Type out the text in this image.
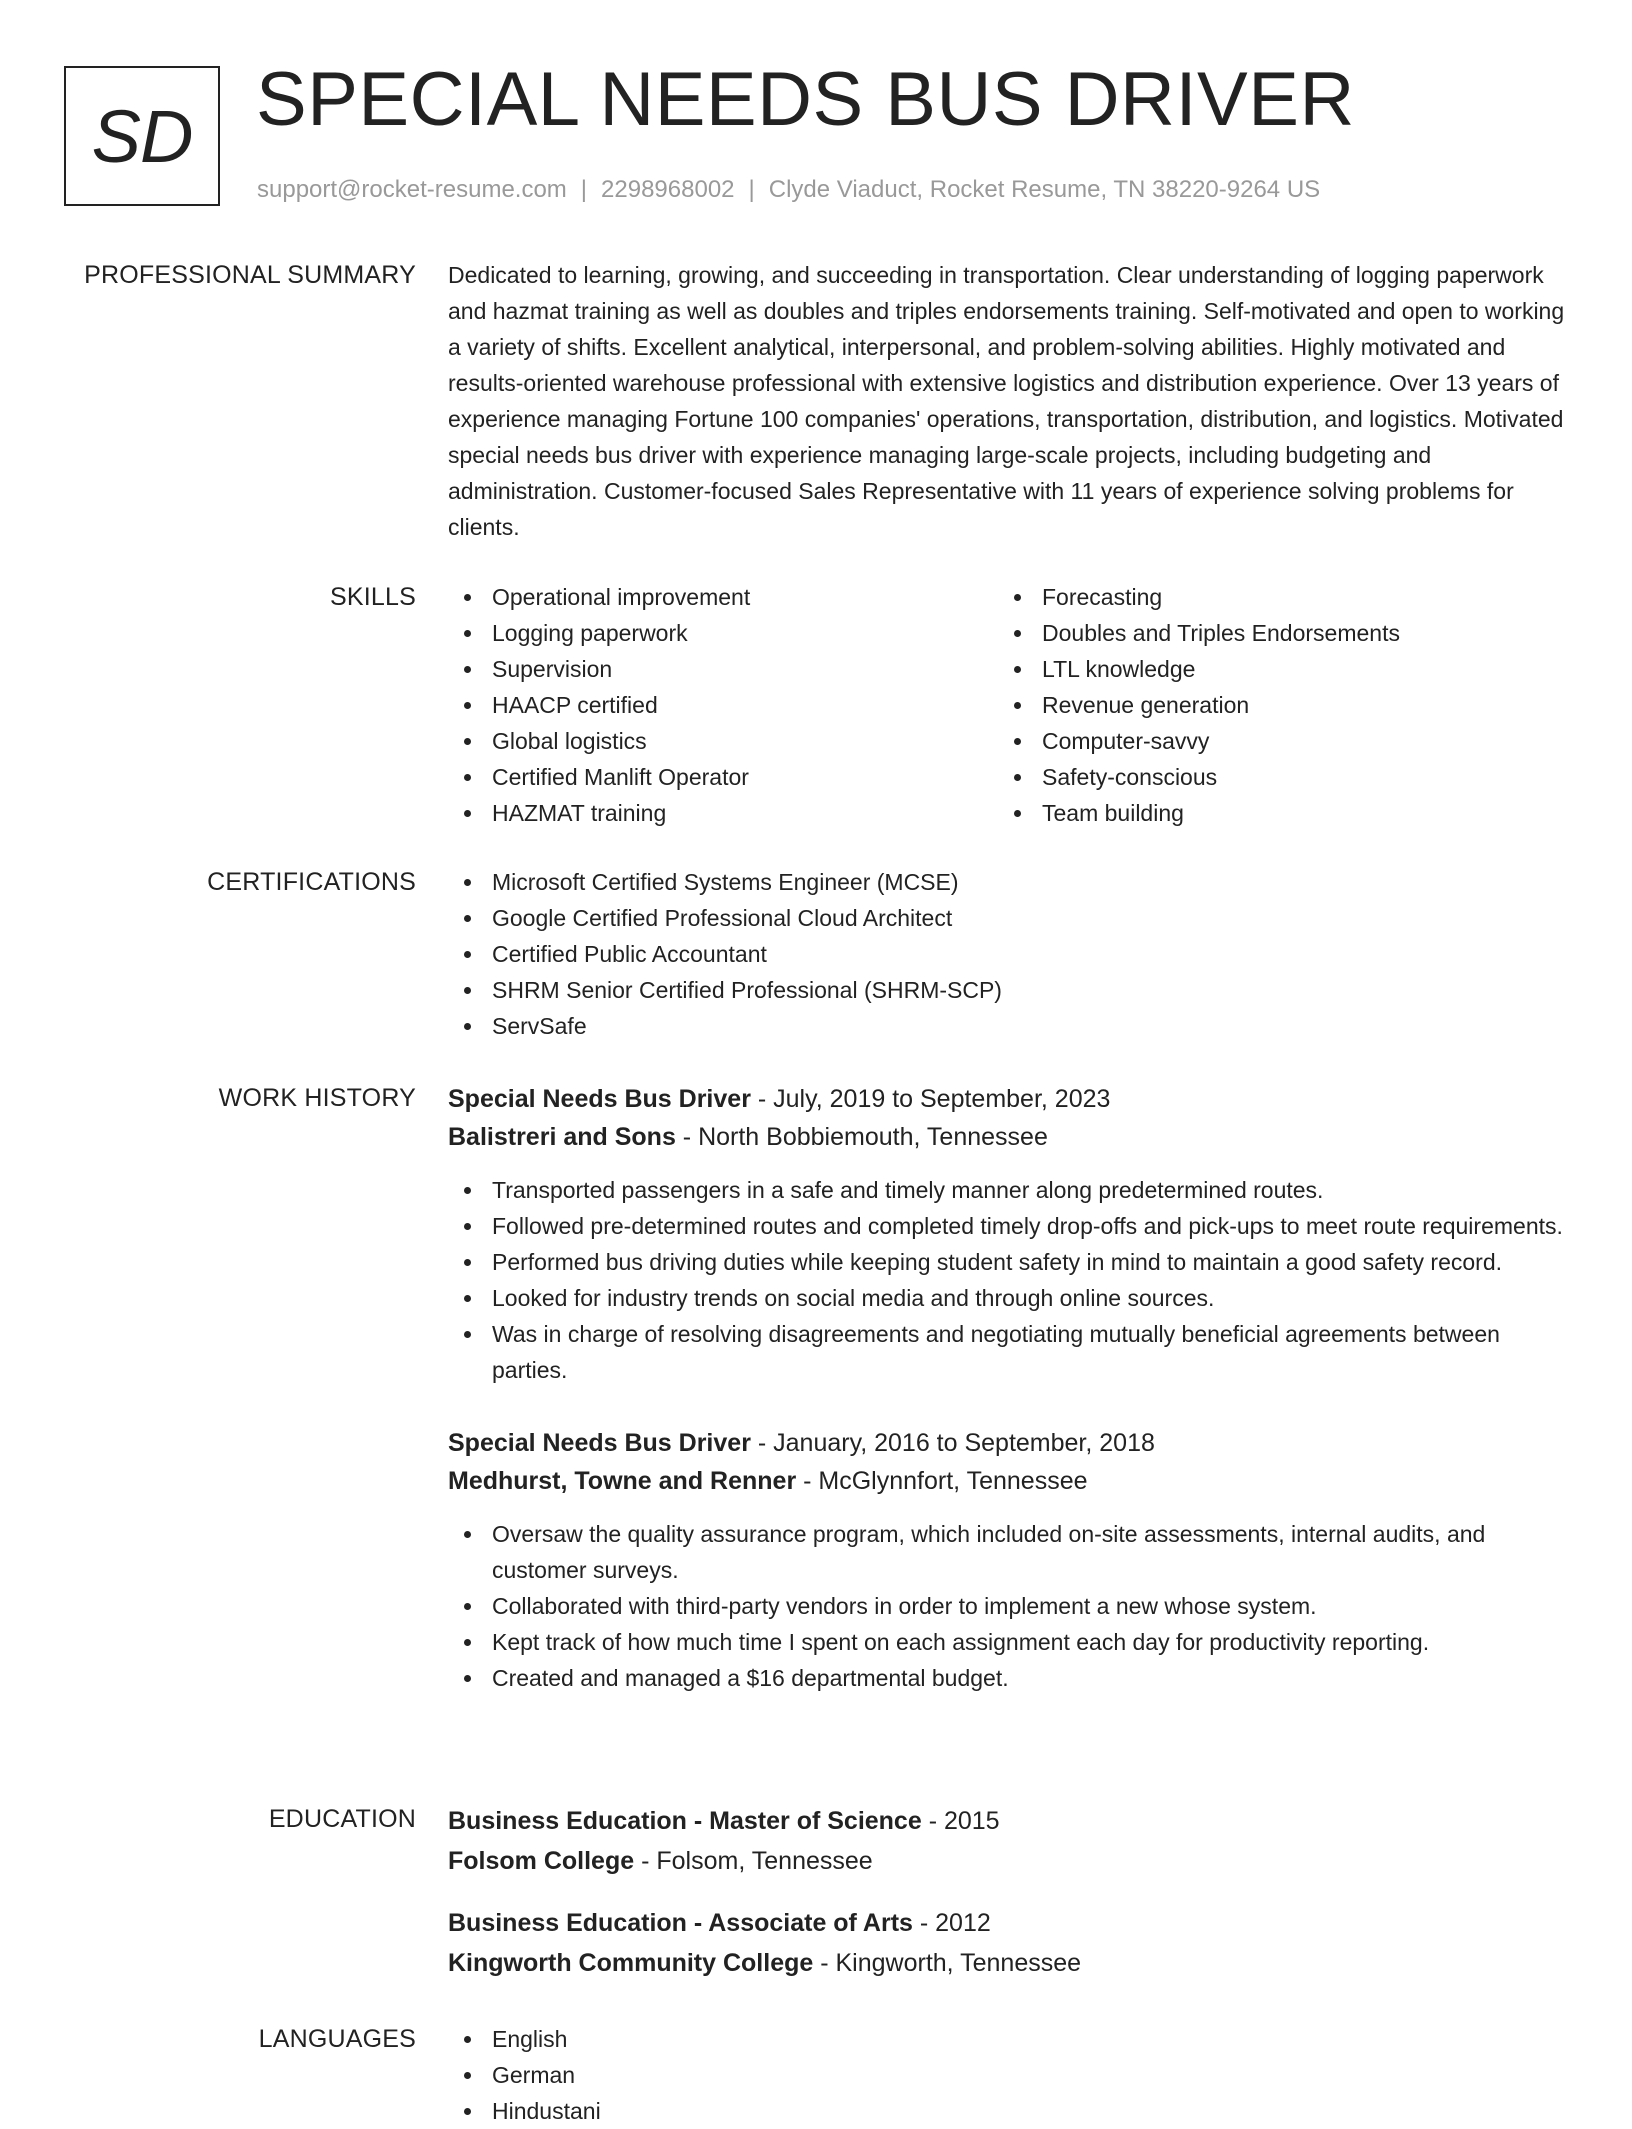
SD SPECIAL NEEDS BUS DRIVER
support@rocket-resume.com | 2298968002 | Clyde Viaduct, Rocket Resume, TN 38220-9264 US
PROFESSIONAL SUMMARY Dedicated to learning, growing, and succeeding in transportation. Clear understanding of logging paperwork and hazmat training as well as doubles and triples endorsements training. Self-motivated and open to working a variety of shifts. Excellent analytical, interpersonal, and problem-solving abilities. Highly motivated and results-oriented warehouse professional with extensive logistics and distribution experience. Over 13 years of experience managing Fortune 100 companies' operations, transportation, distribution, and logistics. Motivated special needs bus driver with experience managing large-scale projects, including budgeting and administration. Customer-focused Sales Representative with 11 years of experience solving problems for clients.

SKILLS	Operational improvement
Logging paperwork
Supervision
HAACP certified
Global logistics
Certified Manlift Operator
HAZMAT training
Forecasting
Doubles and Triples Endorsements
LTL knowledge
Revenue generation
Computer-savvy
Safety-conscious
Team building
CERTIFICATIONS	Microsoft Certified Systems Engineer (MCSE)
Google Certified Professional Cloud Architect
Certified Public Accountant
SHRM Senior Certified Professional (SHRM-SCP)
ServSafe
WORK HISTORY Special Needs Bus Driver - July, 2019 to September, 2023
Balistreri and Sons - North Bobbiemouth, Tennessee
Transported passengers in a safe and timely manner along predetermined routes.
Followed pre-determined routes and completed timely drop-offs and pick-ups to meet route requirements.
Performed bus driving duties while keeping student safety in mind to maintain a good safety record.
Looked for industry trends on social media and through online sources.
Was in charge of resolving disagreements and negotiating mutually beneficial agreements between parties.
Special Needs Bus Driver - January, 2016 to September, 2018
Medhurst, Towne and Renner - McGlynnfort, Tennessee
Oversaw the quality assurance program, which included on-site assessments, internal audits, and customer surveys.
Collaborated with third-party vendors in order to implement a new whose system.
Kept track of how much time I spent on each assignment each day for productivity reporting.
Created and managed a $16 departmental budget.
EDUCATION Business Education - Master of Science - 2015
Folsom College - Folsom, Tennessee
Business Education - Associate of Arts - 2012
Kingworth Community College - Kingworth, Tennessee
LANGUAGES	English
German
Hindustani
